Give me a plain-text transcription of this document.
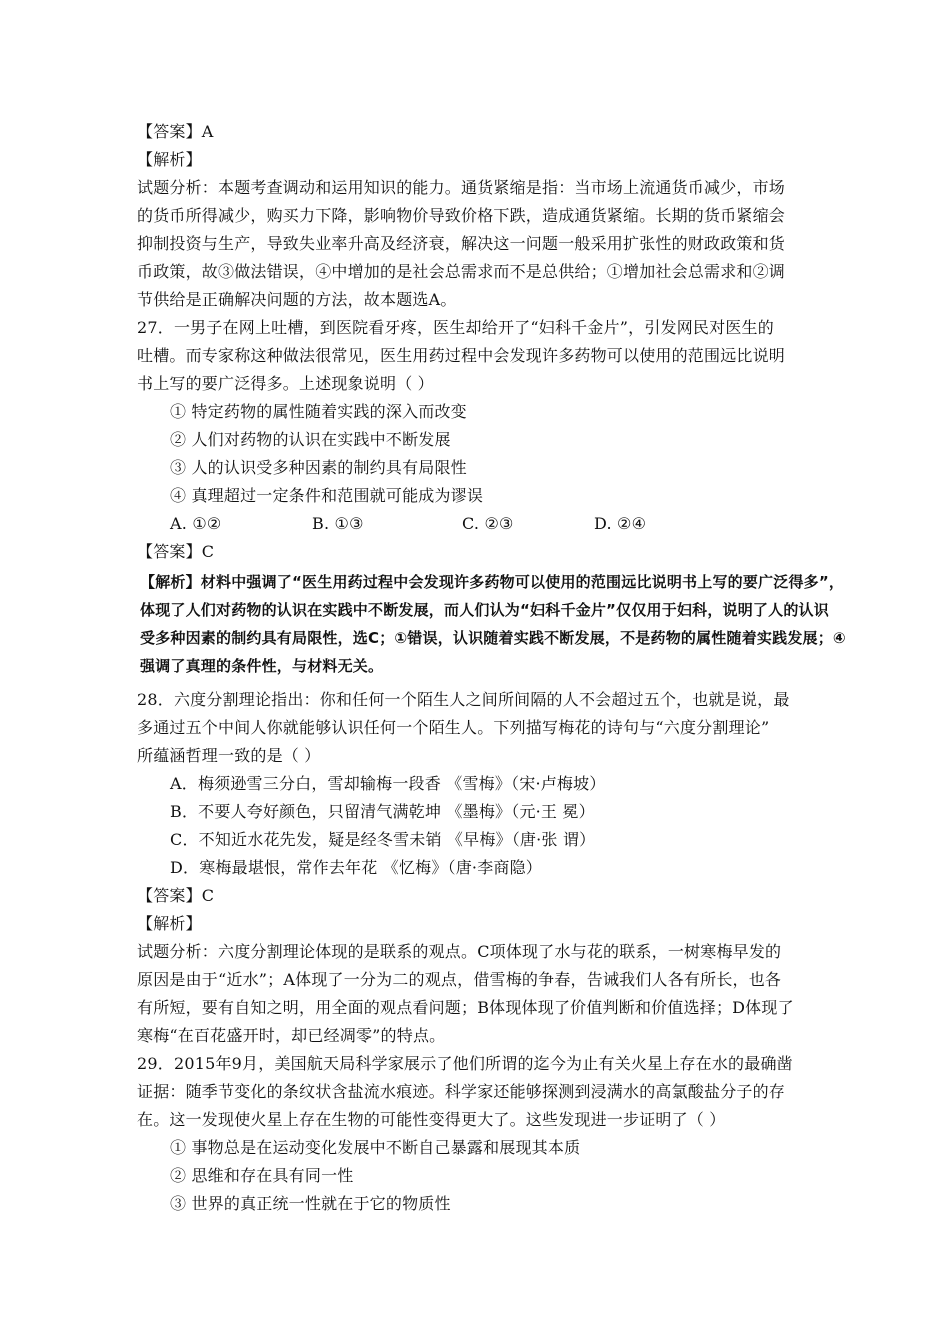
【答案】A
【解析】
试题分析：本题考查调动和运用知识的能力。通货紧缩是指：当市场上流通货币减少，市场
的货币所得减少，购买力下降，影响物价导致价格下跌，造成通货紧缩。长期的货币紧缩会
抑制投资与生产，导致失业率升高及经济衰，解决这一问题一般采用扩张性的财政政策和货
币政策，故③做法错误，④中增加的是社会总需求而不是总供给；①增加社会总需求和②调
节供给是正确解决问题的方法，故本题选A。
27．一男子在网上吐槽，到医院看牙疼，医生却给开了“妇科千金片”，引发网民对医生的
吐槽。而专家称这种做法很常见，医生用药过程中会发现许多药物可以使用的范围远比说明
书上写的要广泛得多。上述现象说明（ ）
① 特定药物的属性随着实践的深入而改变
② 人们对药物的认识在实践中不断发展
③ 人的认识受多种因素的制约具有局限性
④ 真理超过一定条件和范围就可能成为谬误
A. ①②	B. ①③	C. ②③	D. ②④
【答案】C
【解析】材料中强调了“医生用药过程中会发现许多药物可以使用的范围远比说明书上写的要广泛得多”，
体现了人们对药物的认识在实践中不断发展，而人们认为“妇科千金片”仅仅用于妇科，说明了人的认识
受多种因素的制约具有局限性，选C；①错误，认识随着实践不断发展，不是药物的属性随着实践发展；④
强调了真理的条件性，与材料无关。
28．六度分割理论指出：你和任何一个陌生人之间所间隔的人不会超过五个，也就是说，最
多通过五个中间人你就能够认识任何一个陌生人。下列描写梅花的诗句与“六度分割理论”
所蕴涵哲理一致的是（ ）
A．梅须逊雪三分白，雪却输梅一段香 《雪梅》（宋·卢梅坡）
B．不要人夸好颜色，只留清气满乾坤 《墨梅》（元·王 冕）
C．不知近水花先发，疑是经冬雪未销 《早梅》（唐·张 谓）
D．寒梅最堪恨，常作去年花 《忆梅》（唐·李商隐）
【答案】C
【解析】
试题分析：六度分割理论体现的是联系的观点。C项体现了水与花的联系，一树寒梅早发的
原因是由于“近水”；A体现了一分为二的观点，借雪梅的争春，告诫我们人各有所长，也各
有所短，要有自知之明，用全面的观点看问题；B体现体现了价值判断和价值选择；D体现了
寒梅“在百花盛开时，却已经凋零”的特点。
29．2015年9月，美国航天局科学家展示了他们所谓的迄今为止有关火星上存在水的最确凿
证据：随季节变化的条纹状含盐流水痕迹。科学家还能够探测到浸满水的高氯酸盐分子的存
在。这一发现使火星上存在生物的可能性变得更大了。这些发现进一步证明了（ ）
① 事物总是在运动变化发展中不断自己暴露和展现其本质
② 思维和存在具有同一性
③ 世界的真正统一性就在于它的物质性
